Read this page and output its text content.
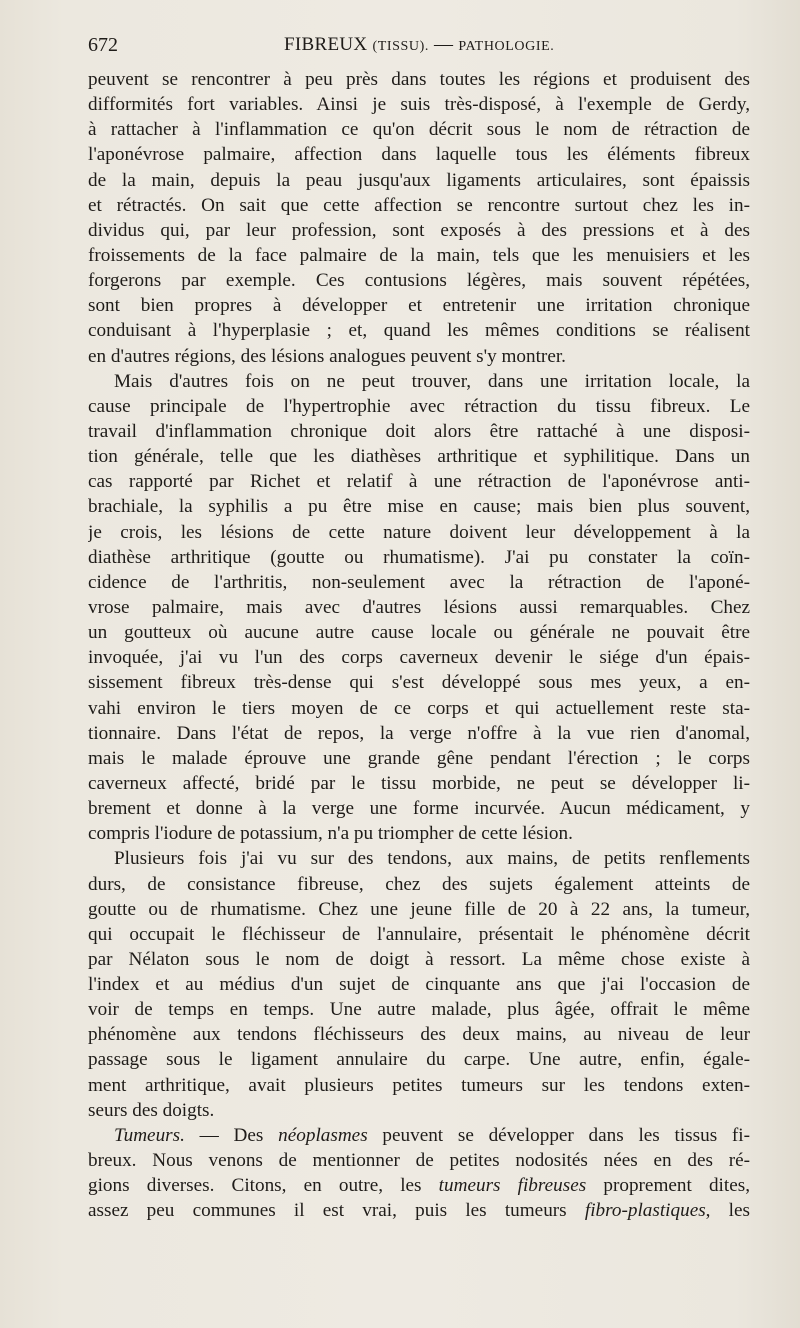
672	FIBREUX (TISSU). — PATHOLOGIE.
peuvent se rencontrer à peu près dans toutes les régions et produisent des
difformités fort variables. Ainsi je suis très-disposé, à l'exemple de Gerdy,
à rattacher à l'inflammation ce qu'on décrit sous le nom de rétraction de
l'aponévrose palmaire, affection dans laquelle tous les éléments fibreux
de la main, depuis la peau jusqu'aux ligaments articulaires, sont épaissis
et rétractés. On sait que cette affection se rencontre surtout chez les in-
dividus qui, par leur profession, sont exposés à des pressions et à des
froissements de la face palmaire de la main, tels que les menuisiers et les
forgerons par exemple. Ces contusions légères, mais souvent répétées,
sont bien propres à développer et entretenir une irritation chronique
conduisant à l'hyperplasie ; et, quand les mêmes conditions se réalisent
en d'autres régions, des lésions analogues peuvent s'y montrer.
Mais d'autres fois on ne peut trouver, dans une irritation locale, la
cause principale de l'hypertrophie avec rétraction du tissu fibreux. Le
travail d'inflammation chronique doit alors être rattaché à une disposi-
tion générale, telle que les diathèses arthritique et syphilitique. Dans un
cas rapporté par Richet et relatif à une rétraction de l'aponévrose anti-
brachiale, la syphilis a pu être mise en cause; mais bien plus souvent,
je crois, les lésions de cette nature doivent leur développement à la
diathèse arthritique (goutte ou rhumatisme). J'ai pu constater la coïn-
cidence de l'arthritis, non-seulement avec la rétraction de l'aponé-
vrose palmaire, mais avec d'autres lésions aussi remarquables. Chez
un goutteux où aucune autre cause locale ou générale ne pouvait être
invoquée, j'ai vu l'un des corps caverneux devenir le siége d'un épais-
sissement fibreux très-dense qui s'est développé sous mes yeux, a en-
vahi environ le tiers moyen de ce corps et qui actuellement reste sta-
tionnaire. Dans l'état de repos, la verge n'offre à la vue rien d'anomal,
mais le malade éprouve une grande gêne pendant l'érection ; le corps
caverneux affecté, bridé par le tissu morbide, ne peut se développer li-
brement et donne à la verge une forme incurvée. Aucun médicament, y
compris l'iodure de potassium, n'a pu triompher de cette lésion.
Plusieurs fois j'ai vu sur des tendons, aux mains, de petits renflements
durs, de consistance fibreuse, chez des sujets également atteints de
goutte ou de rhumatisme. Chez une jeune fille de 20 à 22 ans, la tumeur,
qui occupait le fléchisseur de l'annulaire, présentait le phénomène décrit
par Nélaton sous le nom de doigt à ressort. La même chose existe à
l'index et au médius d'un sujet de cinquante ans que j'ai l'occasion de
voir de temps en temps. Une autre malade, plus âgée, offrait le même
phénomène aux tendons fléchisseurs des deux mains, au niveau de leur
passage sous le ligament annulaire du carpe. Une autre, enfin, égale-
ment arthritique, avait plusieurs petites tumeurs sur les tendons exten-
seurs des doigts.
Tumeurs. — Des néoplasmes peuvent se développer dans les tissus fi-
breux. Nous venons de mentionner de petites nodosités nées en des ré-
gions diverses. Citons, en outre, les tumeurs fibreuses proprement dites,
assez peu communes il est vrai, puis les tumeurs fibro-plastiques, les
